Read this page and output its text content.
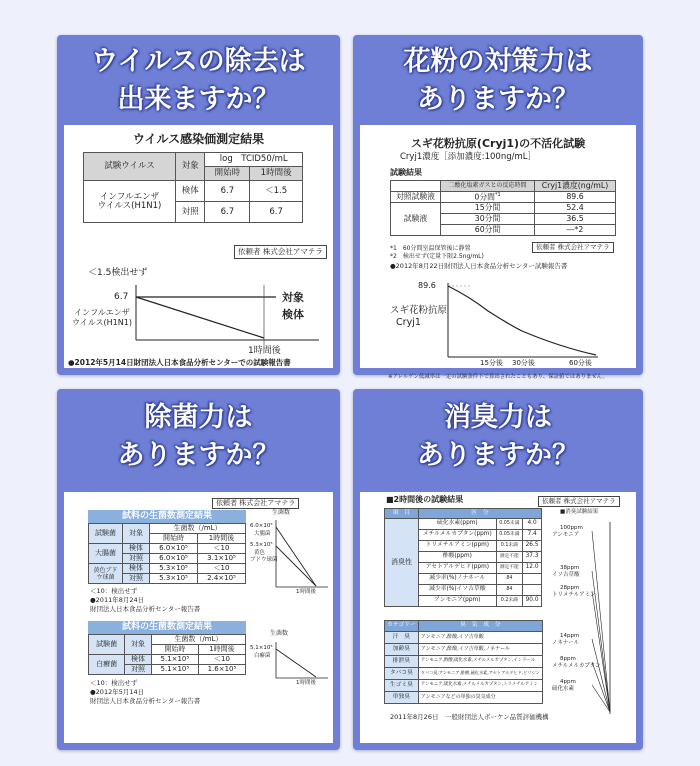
ウイルスの除去は
出来ますか？
ウイルス感染価測定結果
試験ウイルス	対象	log　TCID50/mL	
		開始時	1時間後
インフルエンザ
ウイルス(H1N1)	検体	6.7	＜1.5
	対照	6.7	6.7
依頼者 株式会社アマテラ
＜1.5検出せず
6.7
インフルエンザ
ウイルス(H1N1)
対象
検体
1時間後
●2012年5月14日財団法人日本食品分析センターでの試験報告書
花粉の対策力は
ありますか？
スギ花粉抗原(Cryj1)の不活化試験
Cryj1濃度［添加濃度:100ng/mL］
試験結果
	二酸化塩素ガスとの反応時間	Cryj1濃度(ng/mL)
対照試験液	0分間$^{*1}$	89.6
試験液	15分間	52.4
	30分間	36.5
	60分間	―*2
依頼者 株式会社アマテラ
*1　60分間室温保管後に静置
*2　検出せず(定量下限2.5ng/mL)
●2012年8月22日財団法人日本食品分析センター試験報告書
89.6
スギ花粉抗原
Cryj1
15分後 30分後	60分後
※アレルゲン低減率は一定の試験条件下で算出されたこともあり、保証値ではありません。
除菌力は
ありますか？
依頼者 株式会社アマテラ
試料の生菌数測定結果
試験菌	対象	生菌数（/mL）	
		開始時	1時間後
大腸菌	検体	6.0×10⁵	＜10
	対照	6.0×10⁵	3.1×10⁵
黄色ブドウ球菌	検体	5.3×10⁵	＜10
	対照	5.3×10⁵	2.4×10⁵
＜10：検出せず
●2011年8月24日
財団法人日本食品分析センター報告書
試料の生菌数測定結果
試験菌	対象	生菌数（/mL）	
		開始時	1時間後
白癬菌	検体	5.1×10⁵	＜10
	対照	5.1×10⁵	1.6×10⁵
＜10：検出せず
●2012年5月14日
財団法人日本食品分析センター報告書
生菌数
6.0×10⁵
大腸菌
5.3×10⁵
黄色
ブドウ球菌
1時間後
生菌数
5.1×10⁵
白癬菌
1時間後
消臭力は
ありますか？
■2時間後の試験結果	依頼者 株式会社アマテラ
項　目	区　分		
消臭性	硫化水素(ppm)	0.05未満	4.0
	メチルメルカプタン(ppm)	0.05未満	7.4
	トリメチルアミン(ppm)	0.1未満	26.5
	酢酸(ppm)	測定不能	37.3
	アセトアルデヒド(ppm)	測定不能	12.0
	減少率(%)ノナネール	84	
	減少率(%)イソ吉草酸	84	
	アンモニア(ppm)	0.2未満	90.0
カテゴリー	臭　気　成　分
汗　臭	アンモニア,酢酸,イソ吉草酸
加齢臭	アンモニア,酢酸,イソ吉草酸,ノネナール
排泄臭	アンモニア,酢酸,硫化水素,メチルメルカプタン,インドール
タバコ臭	タバコ臭,アンモニア,酢酸,硫化水素,アセトアルデヒド,ピリジン
生ゴミ臭	アンモニア,硫化水素,メチルメルカプタン,トリメチルアミン
単独臭	アンモニアなどの単独の臭気成分
2011年8月26日　一般財団法人ボーケン品質評価機構
■消臭試験結果
100ppm
アンモニア
38ppm
イソ吉草酸
28ppm
トリメチルアミン
14ppm
ノネナール
8ppm
メチルメルカプタン
4ppm
硫化水素
